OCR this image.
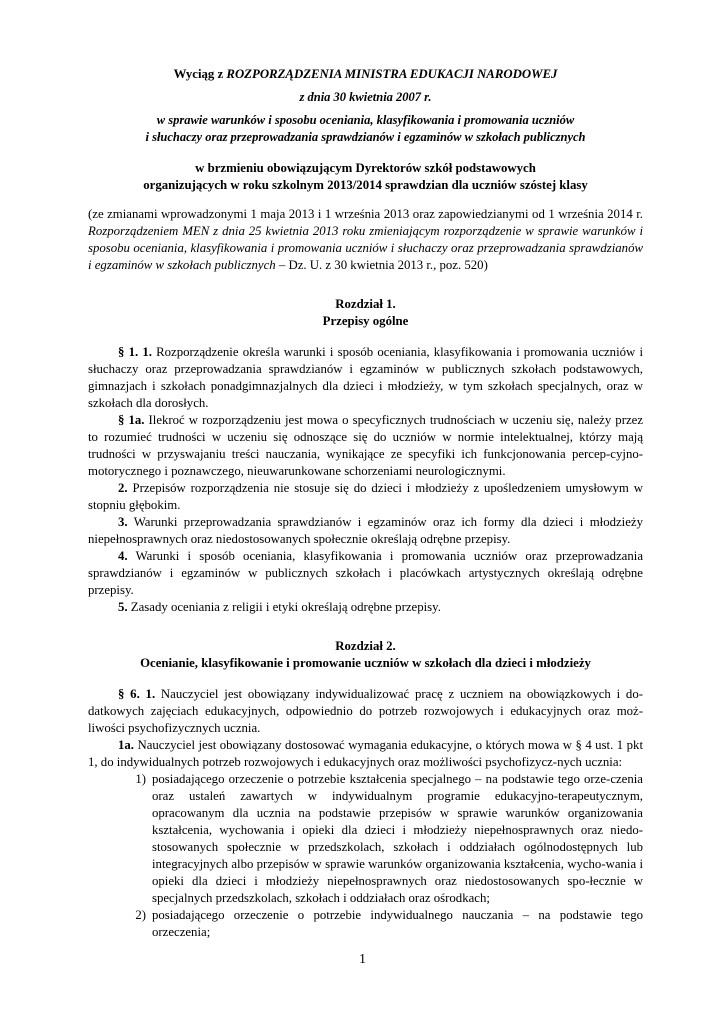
Wyciąg z ROZPORZĄDZENIA MINISTRA EDUKACJI NARODOWEJ
z dnia 30 kwietnia 2007 r.
w sprawie warunków i sposobu oceniania, klasyfikowania i promowania uczniów
i słuchaczy oraz przeprowadzania sprawdzianów i egzaminów w szkołach publicznych
w brzmieniu obowiązującym Dyrektorów szkół podstawowych
organizujących w roku szkolnym 2013/2014 sprawdzian dla uczniów szóstej klasy

(ze zmianami wprowadzonymi 1 maja 2013 i 1 września 2013 oraz zapowiedzianymi od 1 września 2014 r. Rozporządzeniem MEN z dnia 25 kwietnia 2013 roku zmieniającym rozporządzenie w sprawie warunków i sposobu oceniania, klasyfikowania i promowania uczniów i słuchaczy oraz przeprowadzania sprawdzianów i egzaminów w szkołach publicznych – Dz. U. z 30 kwietnia 2013 r., poz. 520)

Rozdział 1.
Przepisy ogólne

§ 1. 1. Rozporządzenie określa warunki i sposób oceniania, klasyfikowania i promowania uczniów i słuchaczy oraz przeprowadzania sprawdzianów i egzaminów w publicznych szkołach podstawowych, gimnazjach i szkołach ponadgimnazjalnych dla dzieci i młodzieży, w tym szkołach specjalnych, oraz w szkołach dla dorosłych.

§ 1a. Ilekroć w rozporządzeniu jest mowa o specyficznych trudnościach w uczeniu się, należy przez to rozumieć trudności w uczeniu się odnoszące się do uczniów w normie intelektualnej, którzy mają trudności w przyswajaniu treści nauczania, wynikające ze specyfiki ich funkcjonowania percep-cyjno-motorycznego i poznawczego, nieuwarunkowane schorzeniami neurologicznymi.

2. Przepisów rozporządzenia nie stosuje się do dzieci i młodzieży z upośledzeniem umysłowym w stopniu głębokim.

3. Warunki przeprowadzania sprawdzianów i egzaminów oraz ich formy dla dzieci i młodzieży niepełnosprawnych oraz niedostosowanych społecznie określają odrębne przepisy.

4. Warunki i sposób oceniania, klasyfikowania i promowania uczniów oraz przeprowadzania sprawdzianów i egzaminów w publicznych szkołach i placówkach artystycznych określają odrębne przepisy.

5. Zasady oceniania z religii i etyki określają odrębne przepisy.

Rozdział 2.
Ocenianie, klasyfikowanie i promowanie uczniów w szkołach dla dzieci i młodzieży

§ 6. 1. Nauczyciel jest obowiązany indywidualizować pracę z uczniem na obowiązkowych i do-datkowych zajęciach edukacyjnych, odpowiednio do potrzeb rozwojowych i edukacyjnych oraz moż-liwości psychofizycznych ucznia.

1a. Nauczyciel jest obowiązany dostosować wymagania edukacyjne, o których mowa w § 4 ust. 1 pkt 1, do indywidualnych potrzeb rozwojowych i edukacyjnych oraz możliwości psychofizycz-nych ucznia:

1) posiadającego orzeczenie o potrzebie kształcenia specjalnego – na podstawie tego orze-czenia oraz ustaleń zawartych w indywidualnym programie edukacyjno-terapeutycznym, opracowanym dla ucznia na podstawie przepisów w sprawie warunków organizowania kształcenia, wychowania i opieki dla dzieci i młodzieży niepełnosprawnych oraz niedo-stosowanych społecznie w przedszkolach, szkołach i oddziałach ogólnodostępnych lub integracyjnych albo przepisów w sprawie warunków organizowania kształcenia, wycho-wania i opieki dla dzieci i młodzieży niepełnosprawnych oraz niedostosowanych spo-łecznie w specjalnych przedszkolach, szkołach i oddziałach oraz ośrodkach;
2) posiadającego orzeczenie o potrzebie indywidualnego nauczania – na podstawie tego orzeczenia;
1
